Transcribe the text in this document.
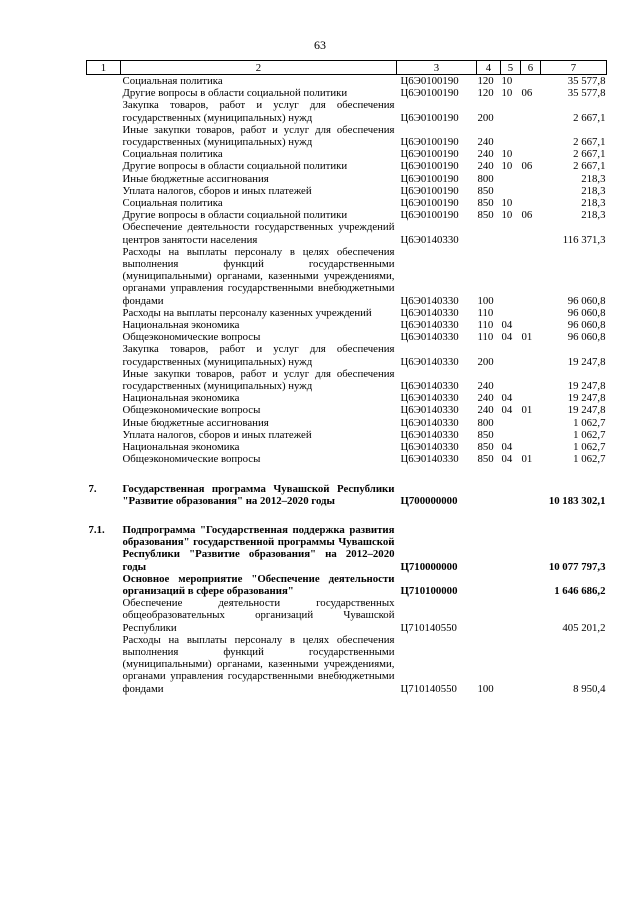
63
1	2	3	4	5	6	7
	Социальная политика	Ц6Э0100190	120	10		35 577,8
	Другие вопросы в области социальной политики	Ц6Э0100190	120	10	06	35 577,8
	Закупка товаров, работ и услуг для обеспечения государственных (муниципальных) нужд	Ц6Э0100190	200			2 667,1
	Иные закупки товаров, работ и услуг для обеспечения государственных (муниципальных) нужд	Ц6Э0100190	240			2 667,1
	Социальная политика	Ц6Э0100190	240	10		2 667,1
	Другие вопросы в области социальной политики	Ц6Э0100190	240	10	06	2 667,1
	Иные бюджетные ассигнования	Ц6Э0100190	800			218,3
	Уплата налогов, сборов и иных платежей	Ц6Э0100190	850			218,3
	Социальная политика	Ц6Э0100190	850	10		218,3
	Другие вопросы в области социальной политики	Ц6Э0100190	850	10	06	218,3
	Обеспечение деятельности государственных учреждений центров занятости населения	Ц6Э0140330				116 371,3
	Расходы на выплаты персоналу в целях обеспечения выполнения функций государственными (муниципальными) органами, казенными учреждениями, органами управления государственными внебюджетными фондами	Ц6Э0140330	100			96 060,8
	Расходы на выплаты персоналу казенных учреждений	Ц6Э0140330	110			96 060,8
	Национальная экономика	Ц6Э0140330	110	04		96 060,8
	Общеэкономические вопросы	Ц6Э0140330	110	04	01	96 060,8
	Закупка товаров, работ и услуг для обеспечения государственных (муниципальных) нужд	Ц6Э0140330	200			19 247,8
	Иные закупки товаров, работ и услуг для обеспечения государственных (муниципальных) нужд	Ц6Э0140330	240			19 247,8
	Национальная экономика	Ц6Э0140330	240	04		19 247,8
	Общеэкономические вопросы	Ц6Э0140330	240	04	01	19 247,8
	Иные бюджетные ассигнования	Ц6Э0140330	800			1 062,7
	Уплата налогов, сборов и иных платежей	Ц6Э0140330	850			1 062,7
	Национальная экономика	Ц6Э0140330	850	04		1 062,7
	Общеэкономические вопросы	Ц6Э0140330	850	04	01	1 062,7

7.	Государственная программа Чувашской Республики "Развитие образования" на 2012–2020 годы	Ц700000000				10 183 302,1

7.1.	Подпрограмма "Государственная поддержка развития образования" государственной программы Чувашской Республики "Развитие образования" на 2012–2020 годы	Ц710000000				10 077 797,3
	Основное мероприятие "Обеспечение деятельности организаций в сфере образования"	Ц710100000				1 646 686,2
	Обеспечение деятельности государственных общеобразовательных организаций Чувашской Республики	Ц710140550				405 201,2
	Расходы на выплаты персоналу в целях обеспечения выполнения функций государственными (муниципальными) органами, казенными учреждениями, органами управления государственными внебюджетными фондами	Ц710140550	100			8 950,4
